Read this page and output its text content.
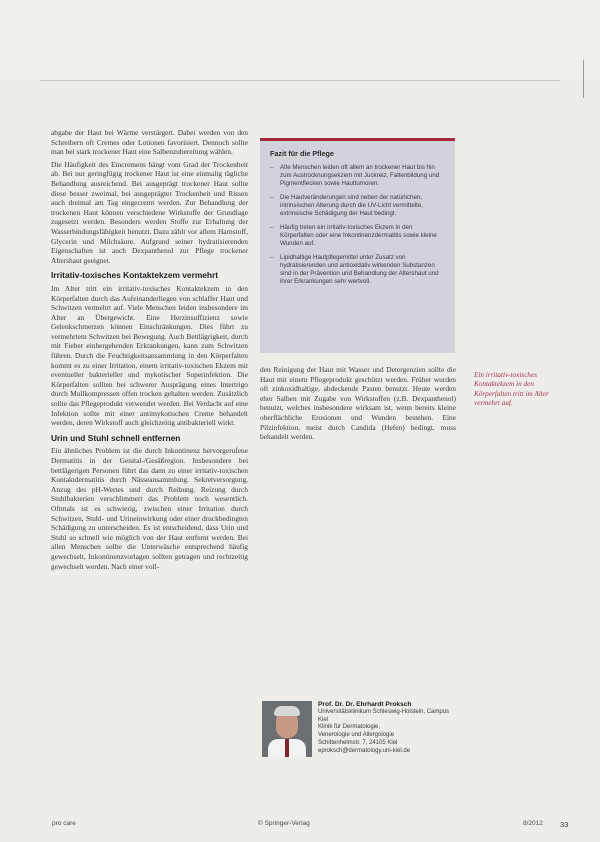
abgabe der Haut bei Wärme verstärgert. Dabei werden von den Schreibern oft Cremes oder Lotionen favorisiert. Dennoch sollte man bei stark trockener Haut eine Salbenzubereitung wählen.

Die Häufigkeit des Eincremens hängt vom Grad der Trockenheit ab. Bei nur geringfügig trockener Haut ist eine einmalig tägliche Behandlung ausreichend. Bei ausgeprägt trockener Haut sollte diese besser zweimal, bei ausgeprägter Trockenheit und Rissen auch dreimal am Tag eingecremt werden. Zur Behandlung der trockenen Haut können verschiedene Wirkstoffe der Grundlage zugesetzt werden. Besonders werden Stoffe zur Erhaltung der Wasserbindungsfähigkeit benutzt. Dazu zählt vor allem Harnstoff, Glycerin und Milchsäure. Aufgrund seiner hydratisierenden Eigenschaften ist auch Dexpanthenol zur Pflege trockener Altershaut geeignet.

Irritativ-toxisches Kontaktekzem vermehrt

Im Alter tritt ein irritativ-toxisches Kontaktekzem in den Körperfalten durch das Aufeinanderliegen von schlaffer Haut und Schwitzen vermehrt auf. Viele Menschen leiden insbesondere im Alter an Übergewicht. Eine Herzinsuffizienz sowie Gelenkschmerzen können Einschränkungen. Dies führt zu vermehrtem Schwitzen bei Bewegung. Auch Bettlägrigkeit, durch mit Fieber einhergehenden Erkrankungen, kann zum Schwitzen führen. Durch die Feuchtigkeitsansammlung in den Körperfalten kommt es zu einer Irritation, einem irritativ-toxischen Ekzem mit eventueller bakterieller und mykotischer Superinfektion. Die Körperfalten sollten bei schwerer Ausprägung eines Intertrigo durch Mullkompressen offen trocken gehalten werden. Zusätzlich sollte das Pflegeprodukt verwendet werden. Bei Verdacht auf eine Infektion sollte mit einer antimykotischen Creme behandelt werden, deren Wirkstoff auch gleichzeitig antibakteriell wirkt.

Urin und Stuhl schnell entfernen

Ein ähnliches Problem ist die durch Inkontinenz hervorgerufene Dermatitis in der Genital-/Gesäßregion. Insbesondere bei bettlägerigen Personen führt das dann zu einer irritativ-toxischen Kontaktdermatitis durch Nässeansammlung. Sekretversorgung, Anzug des pH-Wertes und durch Reibung. Reizung durch Stuhlbakterien verschlimmert das Problem noch wesentlich. Oftmals ist es schwierig, zwischen einer Irritation durch Schwitzen, Stuhl- und Urineinwirkung oder einer druckbedingten Schädigung zu unterscheiden. Es ist entscheidend, dass Urin und Stuhl so schnell wie möglich von der Haut entfernt werden. Bei allen Menschen sollte die Unterwäsche entsprechend häufig gewechselt, Inkontinenzvorlagen sollten getragen und rechtzeitig gewechselt werden. Nach einer voll-

Fazit für die Pflege
– Alte Menschen leiden oft allem an trockener Haut bis hin zum Austrocknungsekzem mit Juckreiz, Faltenbildung und Pigmentflecken sowie Hauttumoren.
– Die Hautveränderungen sind neben der natürlichen, intrinsischen Alterung durch die UV-Licht vermittelte, extrinsische Schädigung der Haut bedingt.
– Häufig treten ein irritativ-toxisches Ekzem in den Körperfalten oder eine Inkontinenzdermatitis sowie kleine Wunden auf.
– Lipidhaltige Hautpflegemittel unter Zusatz von hydratisierenden und antioxidativ wirkenden Substanzen sind in der Prävention und Behandlung der Altershaut und ihrer Erkrankungen sehr wertvoll.

den Reinigung der Haut mit Wasser und Detergenzien sollte die Haut mit einem Pflegeprodukt geschützt werden. Früher wurden oft zinkoxidhaltige, abdeckende Pasten benutzt. Heute werden eher Salben mit Zugabe von Wirkstoffen (z.B. Dexpanthenol) benutzt, welches insbesondere wirksam ist, wenn bereits kleine oberflächliche Erosionen und Wunden bestehen. Eine Pilzinfektion, meist durch Candida (Hefen) bedingt, muss behandelt werden.

Ein irritativ-toxisches Kontaktekzem in den Körperfalten tritt im Alter vermehrt auf.
Prof. Dr. Dr. Ehrhardt Proksch
Universitätsklinikum Schleswig-Holstein, Campus Kiel
Klinik für Dermatologie,
Venerologie und Allergologie
Schittenhelmstr. 7, 24105 Kiel
eproksch@dermatology.uni-kiel.de
pro care	© Springer-Verlag	8/2012 33
